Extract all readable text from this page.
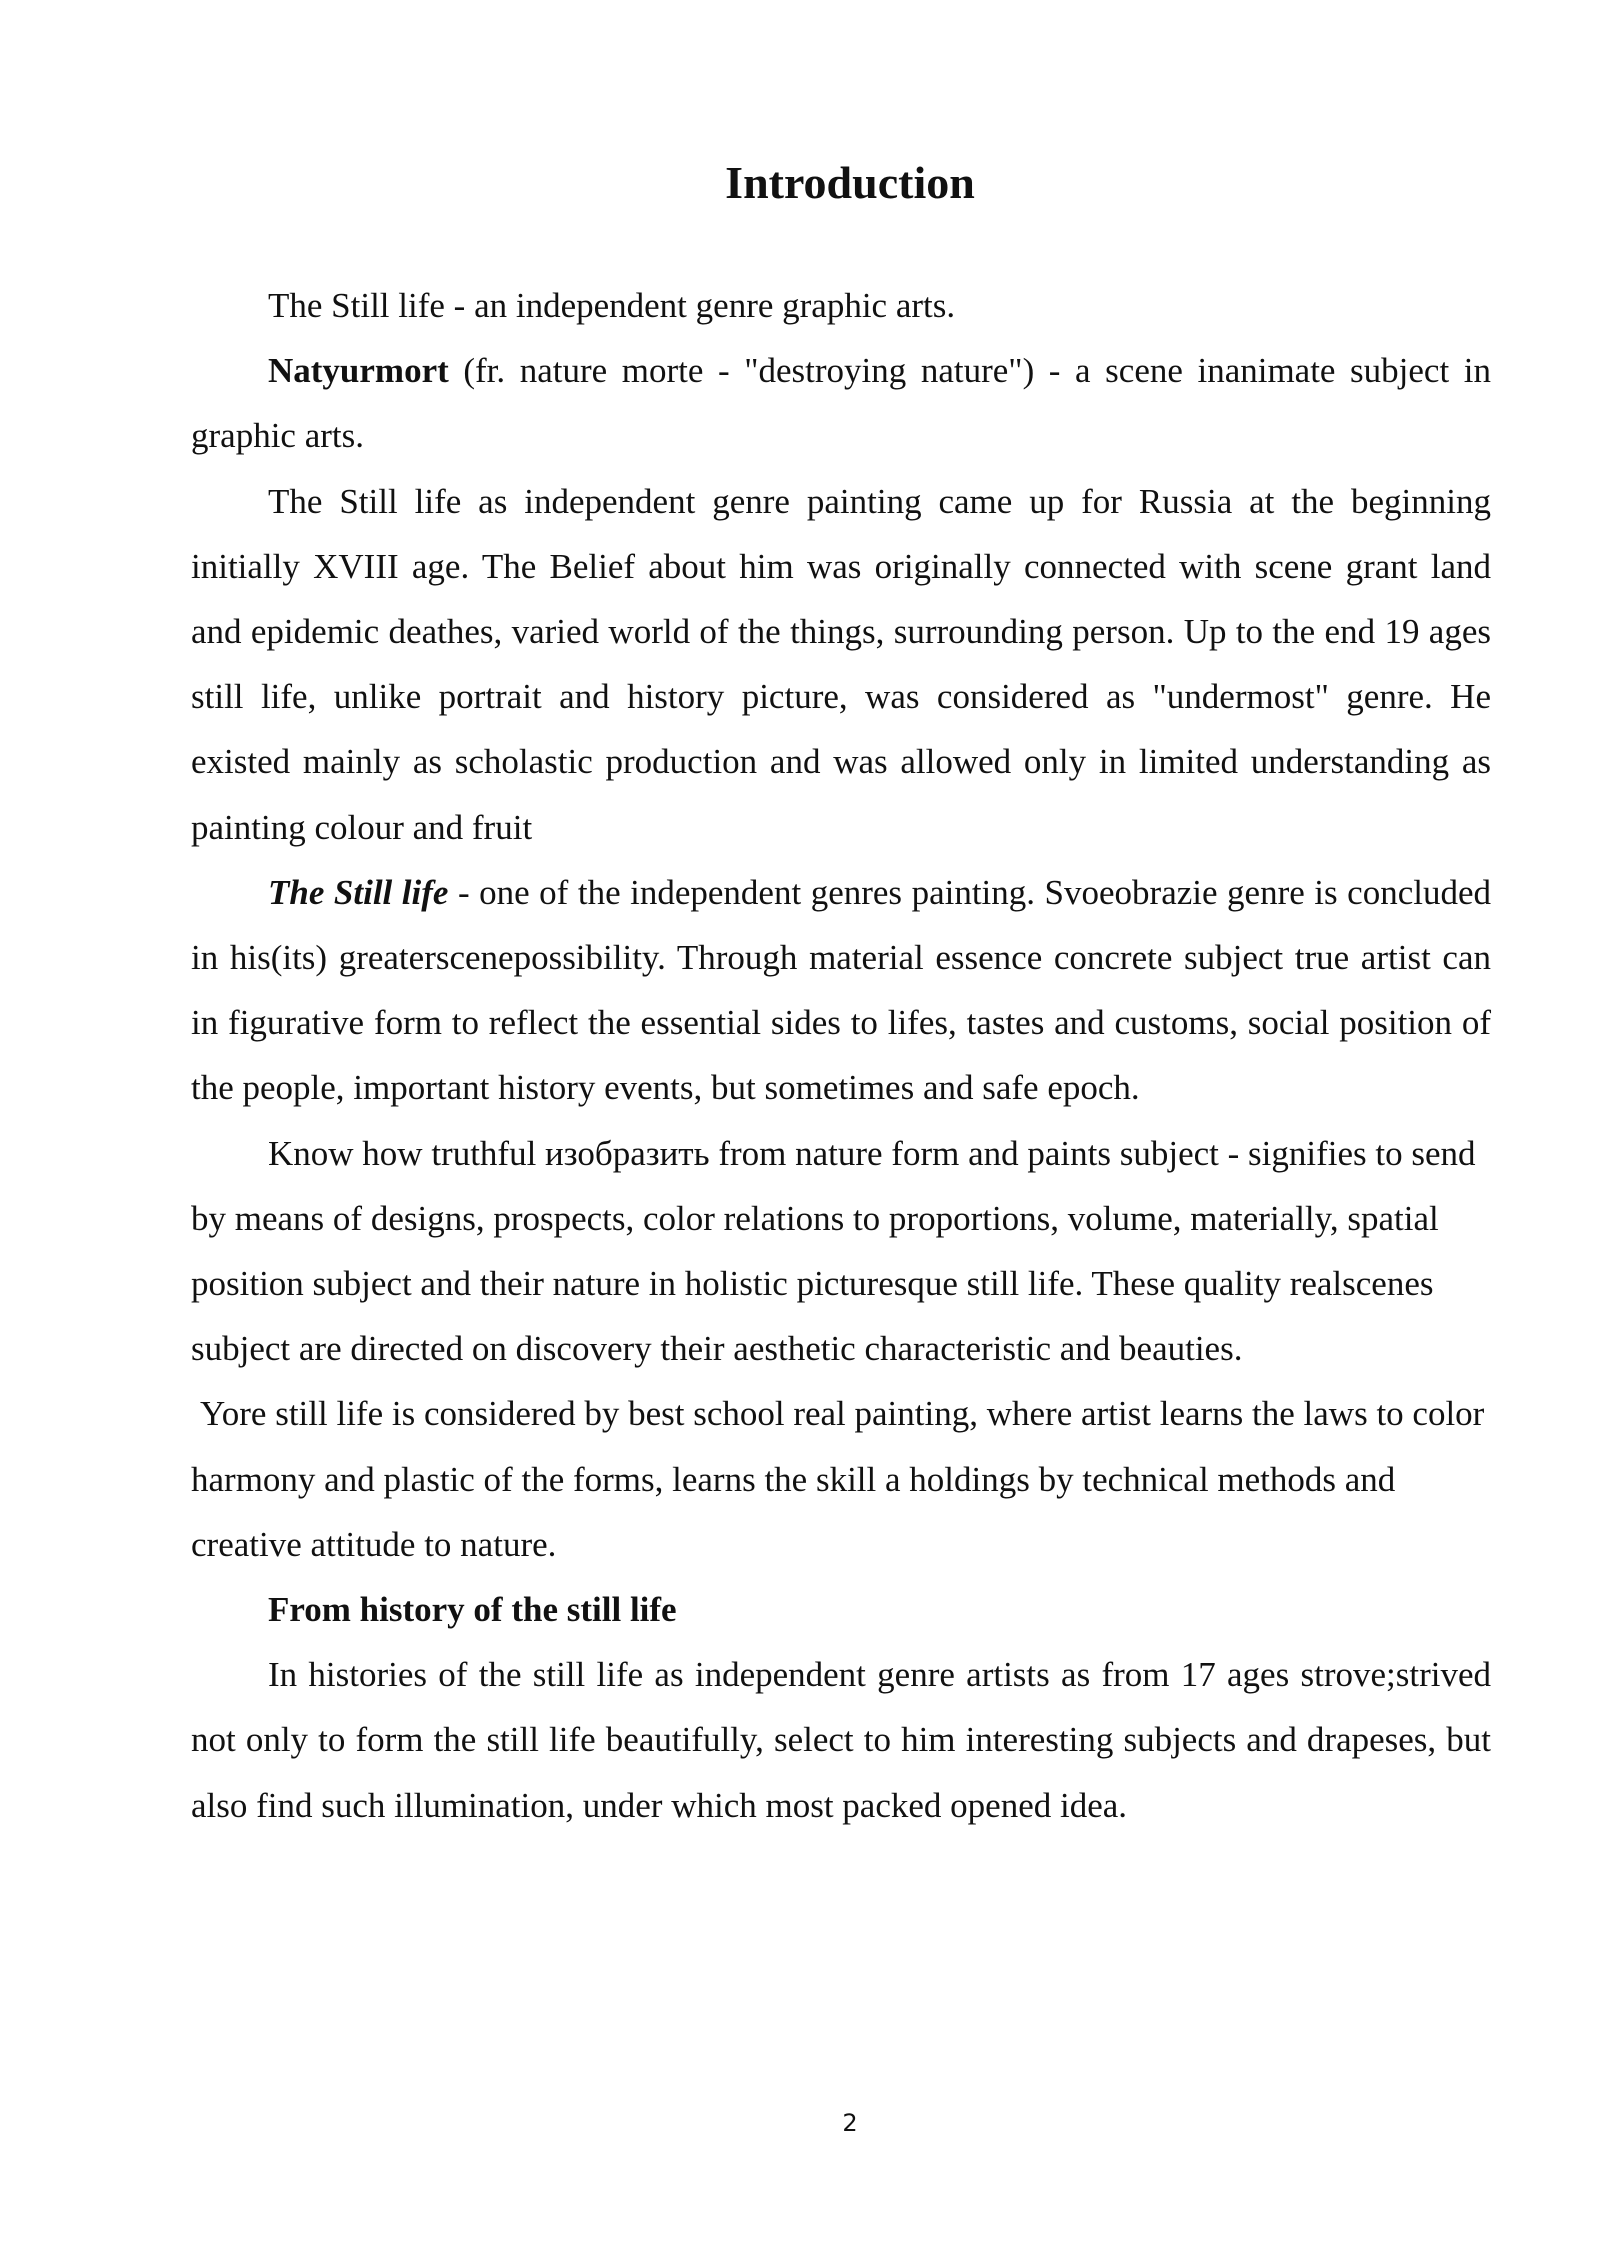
Introduction

The Still life - an independent genre graphic arts.

Natyurmort (fr. nature morte - "destroying nature") - a scene inanimate subject in graphic arts.

The Still life as independent genre painting came up for Russia at the beginning initially XVIII age. The Belief about him was originally connected with scene grant land and epidemic deathes, varied world of the things, surrounding person. Up to the end 19 ages still life, unlike portrait and history picture, was considered as "undermost" genre. He existed mainly as scholastic production and was allowed only in limited understanding as painting colour and fruit

The Still life - one of the independent genres painting. Svoeobrazie genre is concluded in his(its) greaterscenepossibility. Through material essence concrete subject true artist can in figurative form to reflect the essential sides to lifes, tastes and customs, social position of the people, important history events, but sometimes and safe epoch.

Know how truthful изобразить from nature form and paints subject - signifies to send by means of designs, prospects, color relations to proportions, volume, materially, spatial position subject and their nature in holistic picturesque still life. These quality realscenes subject are directed on discovery their aesthetic characteristic and beauties.

Yore still life is considered by best school real painting, where artist learns the laws to color harmony and plastic of the forms, learns the skill a holdings by technical methods and creative attitude to nature.

From history of the still life

In histories of the still life as independent genre artists as from 17 ages strove;strived not only to form the still life beautifully, select to him interesting subjects and drapeses, but also find such illumination, under which most packed opened idea.

2
